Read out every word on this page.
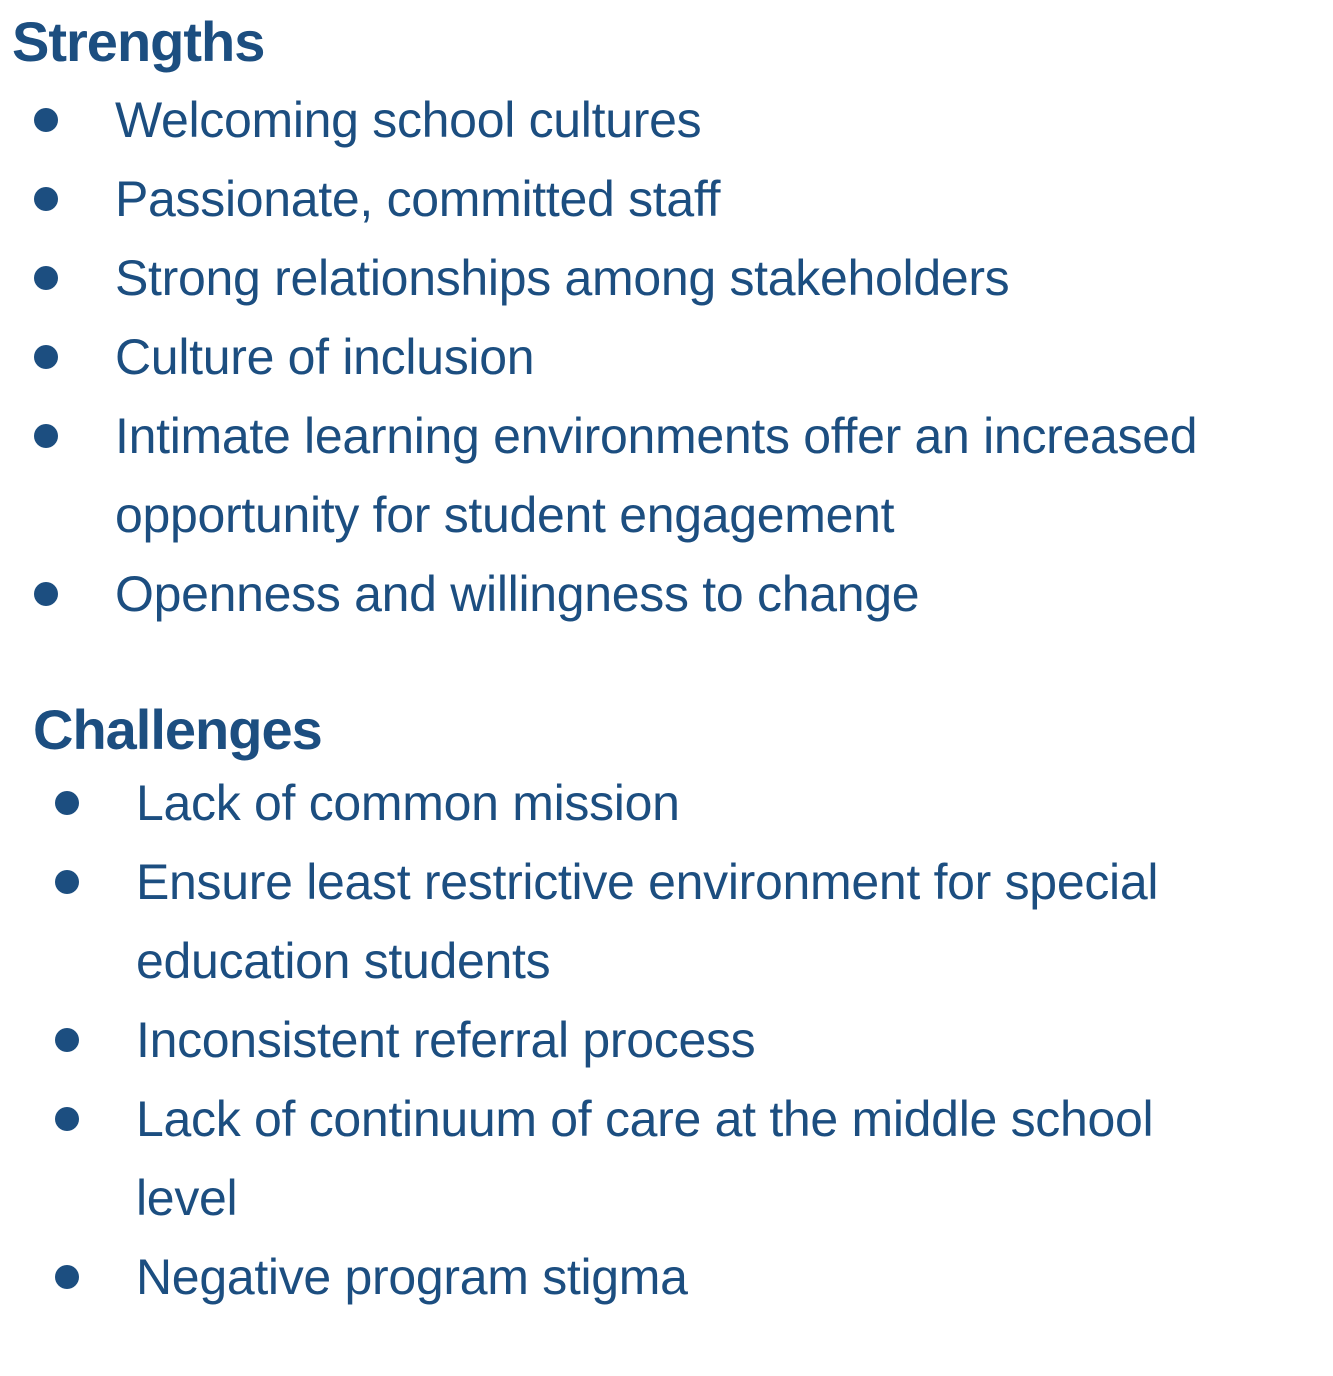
Strengths
Welcoming school cultures
Passionate, committed staff
Strong relationships among stakeholders
Culture of inclusion
Intimate learning environments offer an increased
opportunity for student engagement
Openness and willingness to change
Challenges
Lack of common mission
Ensure least restrictive environment for special
education students
Inconsistent referral process
Lack of continuum of care at the middle school
level
Negative program stigma
